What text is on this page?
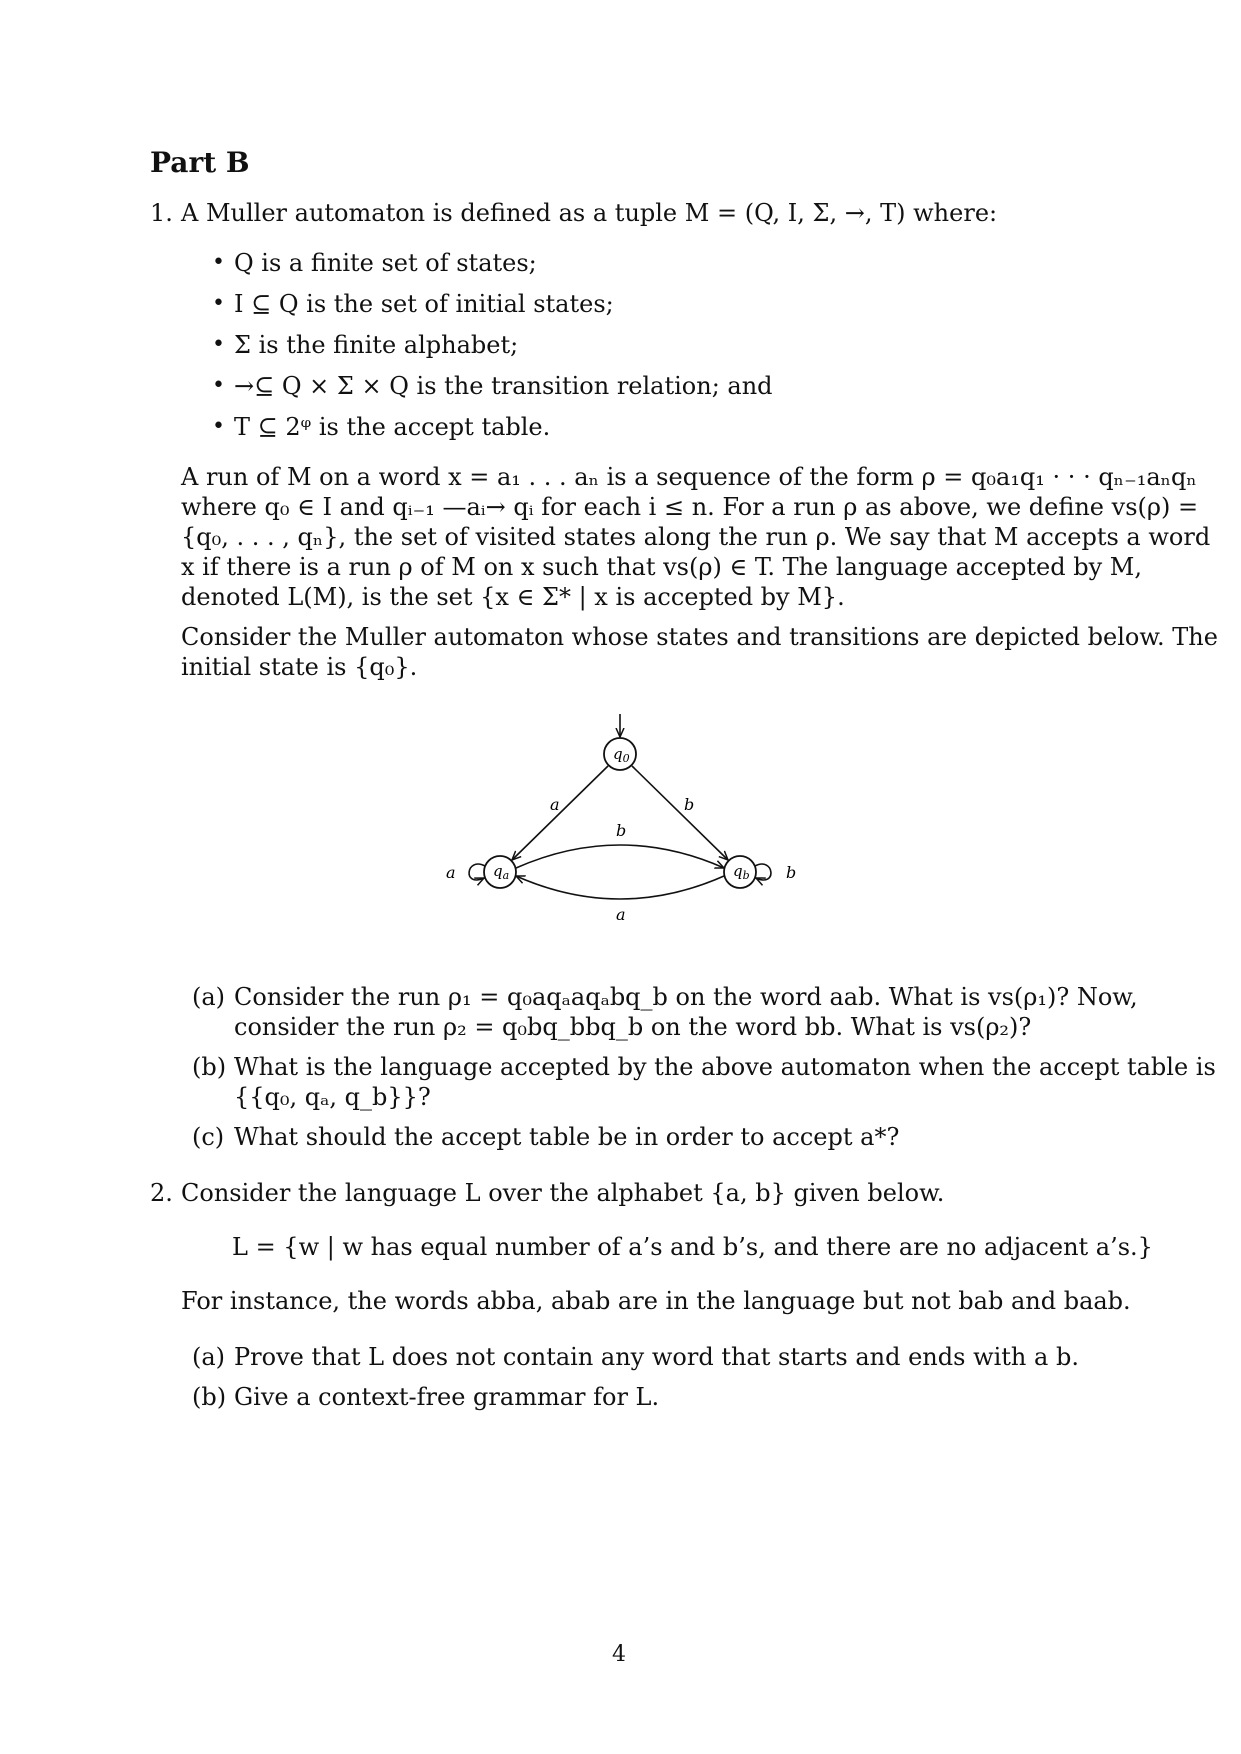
Part B
1. A Muller automaton is defined as a tuple M = (Q, I, Σ, →, T) where:
• Q is a finite set of states;
• I ⊆ Q is the set of initial states;
• Σ is the finite alphabet;
• →⊆ Q × Σ × Q is the transition relation; and
• T ⊆ 2ᵠ is the accept table.
A run of M on a word x = a₁ . . . aₙ is a sequence of the form ρ = q₀a₁q₁ · · · qₙ₋₁aₙqₙ
where q₀ ∈ I and qᵢ₋₁ —aᵢ→ qᵢ for each i ≤ n. For a run ρ as above, we define vs(ρ) =
{q₀, . . . , qₙ}, the set of visited states along the run ρ. We say that M accepts a word
x if there is a run ρ of M on x such that vs(ρ) ∈ T. The language accepted by M,
denoted L(M), is the set {x ∈ Σ* | x is accepted by M}.
Consider the Muller automaton whose states and transitions are depicted below. The
initial state is {q₀}.
$q_0$
$q_a$	$q_b$
a	b
b
a
a	b
(a) Consider the run ρ₁ = q₀aqₐaqₐbq_b on the word aab. What is vs(ρ₁)? Now,
consider the run ρ₂ = q₀bq_bbq_b on the word bb. What is vs(ρ₂)?
(b) What is the language accepted by the above automaton when the accept table is
{{q₀, qₐ, q_b}}?
(c) What should the accept table be in order to accept a*?
2. Consider the language L over the alphabet {a, b} given below.
L = {w | w has equal number of a’s and b’s, and there are no adjacent a’s.}
For instance, the words abba, abab are in the language but not bab and baab.
(a) Prove that L does not contain any word that starts and ends with a b.
(b) Give a context-free grammar for L.
4
